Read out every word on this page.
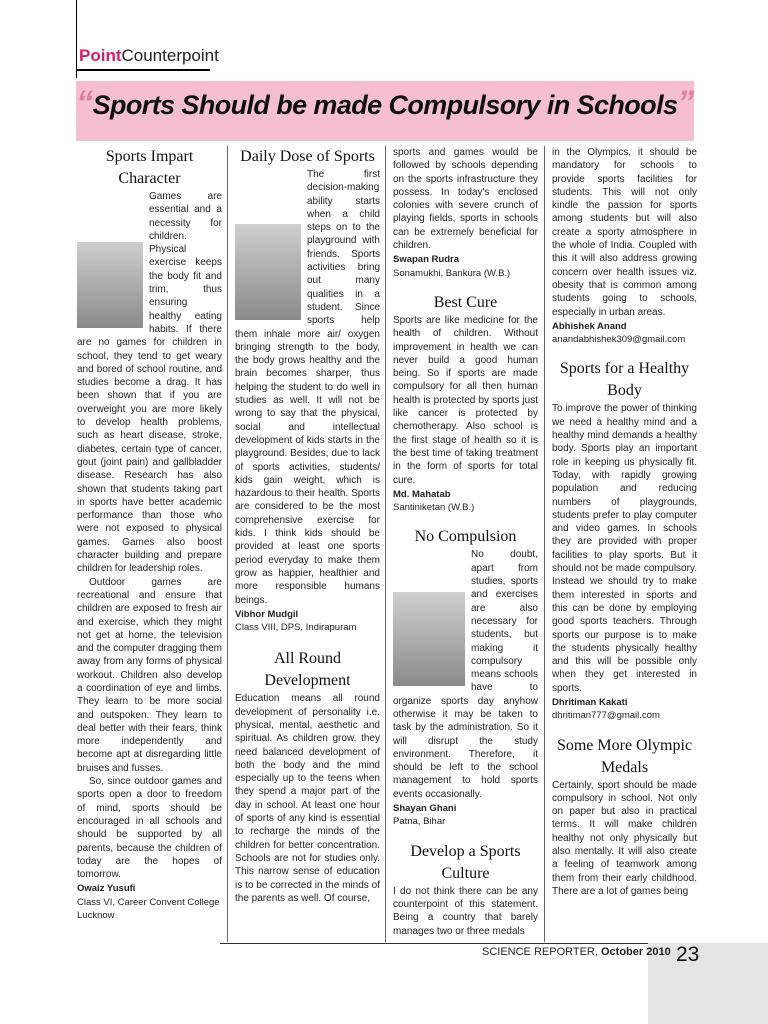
PointCounterpoint
“Sports Should be made Compulsory in Schools”
Sports Impart Character

Games are essential and a necessity for children. Physical exercise keeps the body fit and trim, thus ensuring healthy eating habits. If there are no games for children in school, they tend to get weary and bored of school routine, and studies become a drag. It has been shown that if you are overweight you are more likely to develop health problems, such as heart disease, stroke, diabetes, certain type of cancer, gout (joint pain) and gallbladder disease. Research has also shown that students taking part in sports have better academic performance than those who were not exposed to physical games. Games also boost character building and prepare children for leadership roles.

Outdoor games are recreational and ensure that children are exposed to fresh air and exercise, which they might not get at home, the television and the computer dragging them away from any forms of physical workout. Children also develop a coordination of eye and limbs. They learn to be more social and outspoken. They learn to deal better with their fears, think more independently and become apt at disregarding little bruises and fusses.

So, since outdoor games and sports open a door to freedom of mind, sports should be encouraged in all schools and should be supported by all parents, because the children of today are the hopes of tomorrow.

Owaiz Yusufi
Class VI, Career Convent College Lucknow
Daily Dose of Sports

The first decision-making ability starts when a child steps on to the playground with friends. Sports activities bring out many qualities in a student. Since sports help them inhale more air/ oxygen bringing strength to the body, the body grows healthy and the brain becomes sharper, thus helping the student to do well in studies as well. It will not be wrong to say that the physical, social and intellectual development of kids starts in the playground. Besides, due to lack of sports activities, students/ kids gain weight, which is hazardous to their health. Sports are considered to be the most comprehensive exercise for kids. I think kids should be provided at least one sports period everyday to make them grow as happier, healthier and more responsible humans beings.

Vibhor Mudgil
Class VIII, DPS, Indirapuram
All Round Development

Education means all round development of personality i.e. physical, mental, aesthetic and spiritual. As children grow, they need balanced development of both the body and the mind especially up to the teens when they spend a major part of the day in school. At least one hour of sports of any kind is essential to recharge the minds of the children for better concentration. Schools are not for studies only. This narrow sense of education is to be corrected in the minds of the parents as well. Of course,

sports and games would be followed by schools depending on the sports infrastructure they possess. In today's enclosed colonies with severe crunch of playing fields, sports in schools can be extremely beneficial for children.

Swapan Rudra
Sonamukhi, Bankura (W.B.)
Best Cure

Sports are like medicine for the health of children. Without improvement in health we can never build a good human being. So if sports are made compulsory for all then human health is protected by sports just like cancer is protected by chemotherapy. Also school is the first stage of health so it is the best time of taking treatment in the form of sports for total cure.

Md. Mahatab
Santiniketan (W.B.)
No Compulsion

No doubt, apart from studies, sports and exercises are also necessary for students, but making it compulsory means schools have to organize sports day anyhow otherwise it may be taken to task by the administration. So it will disrupt the study environment. Therefore, it should be left to the school management to hold sports events occasionally.

Shayan Ghani
Patna, Bihar
Develop a Sports Culture

I do not think there can be any counterpoint of this statement. Being a country that barely manages two or three medals

in the Olympics, it should be mandatory for schools to provide sports facilities for students. This will not only kindle the passion for sports among students but will also create a sporty atmosphere in the whole of India. Coupled with this it will also address growing concern over health issues viz. obesity that is common among students going to schools, especially in urban areas.

Abhishek Anand
anandabhishek309@gmail.com
Sports for a Healthy Body

To improve the power of thinking we need a healthy mind and a healthy mind demands a healthy body. Sports play an important role in keeping us physically fit. Today, with rapidly growing population and reducing numbers of playgrounds, students prefer to play computer and video games. In schools they are provided with proper facilities to play sports. But it should not be made compulsory. Instead we should try to make them interested in sports and this can be done by employing good sports teachers. Through sports our purpose is to make the students physically healthy and this will be possible only when they get interested in sports.

Dhritiman Kakati
dhritiman777@gmail.com
Some More Olympic Medals

Certainly, sport should be made compulsory in school. Not only on paper but also in practical terms. It will make children healthy not only physically but also mentally. It will also create a feeling of teamwork among them from their early childhood. There are a lot of games being

SCIENCE REPORTER, October 2010 23
